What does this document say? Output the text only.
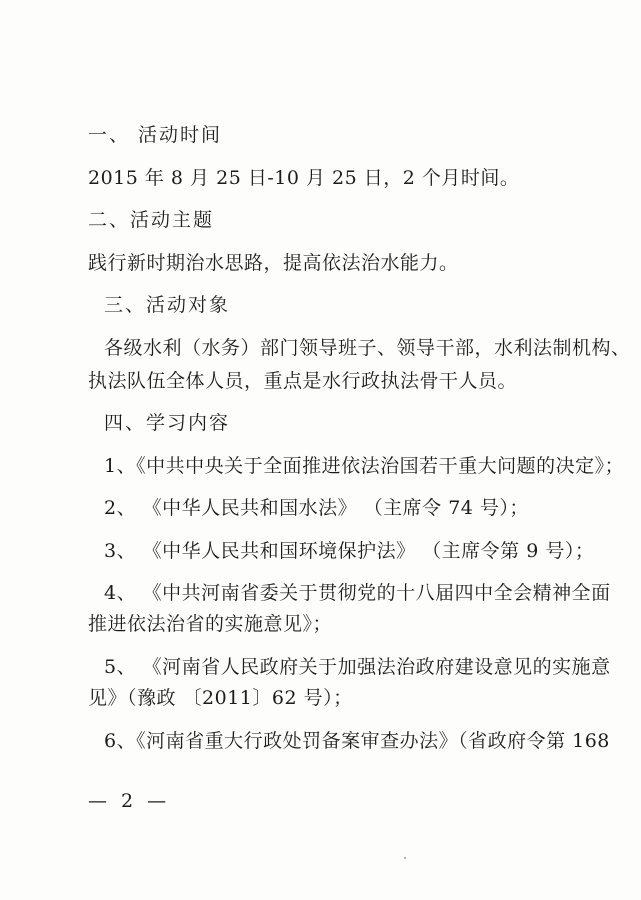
一、 活动时间
2015 年 8 月 25 日-10 月 25 日，2 个月时间。
二、活动主题
践行新时期治水思路，提高依法治水能力。
三、活动对象
各级水利（水务）部门领导班子、领导干部，水利法制机构、
执法队伍全体人员，重点是水行政执法骨干人员。
四、学习内容
1、《中共中央关于全面推进依法治国若干重大问题的决定》；
2、 《中华人民共和国水法》 （主席令 74 号）；
3、 《中华人民共和国环境保护法》 （主席令第 9 号）；
4、 《中共河南省委关于贯彻党的十八届四中全会精神全面
推进依法治省的实施意见》；
5、 《河南省人民政府关于加强法治政府建设意见的实施意
见》（豫政 〔2011〕62 号）；
6、《河南省重大行政处罚备案审查办法》（省政府令第 168
— 2 —
